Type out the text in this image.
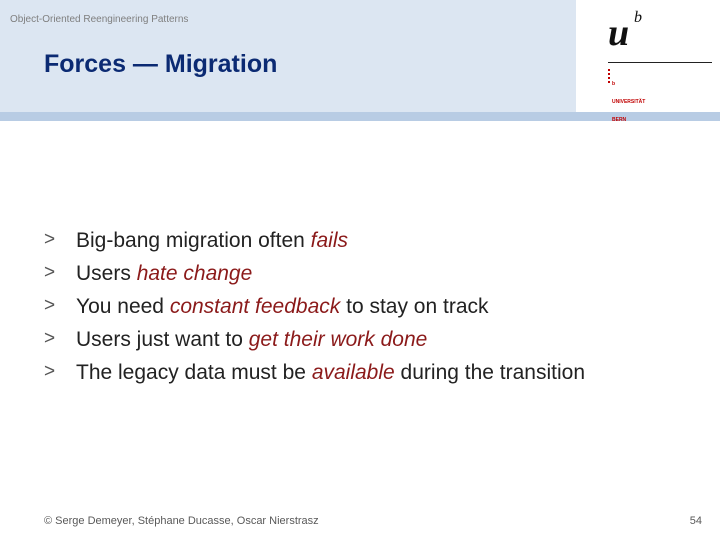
Object-Oriented Reengineering Patterns
Forces — Migration
u b

b

UNIVERSITÄT

BERN

> Big-bang migration often fails
> Users hate change
> You need constant feedback to stay on track
> Users just want to get their work done
> The legacy data must be available during the transition
© Serge Demeyer, Stéphane Ducasse, Oscar Nierstrasz	54
